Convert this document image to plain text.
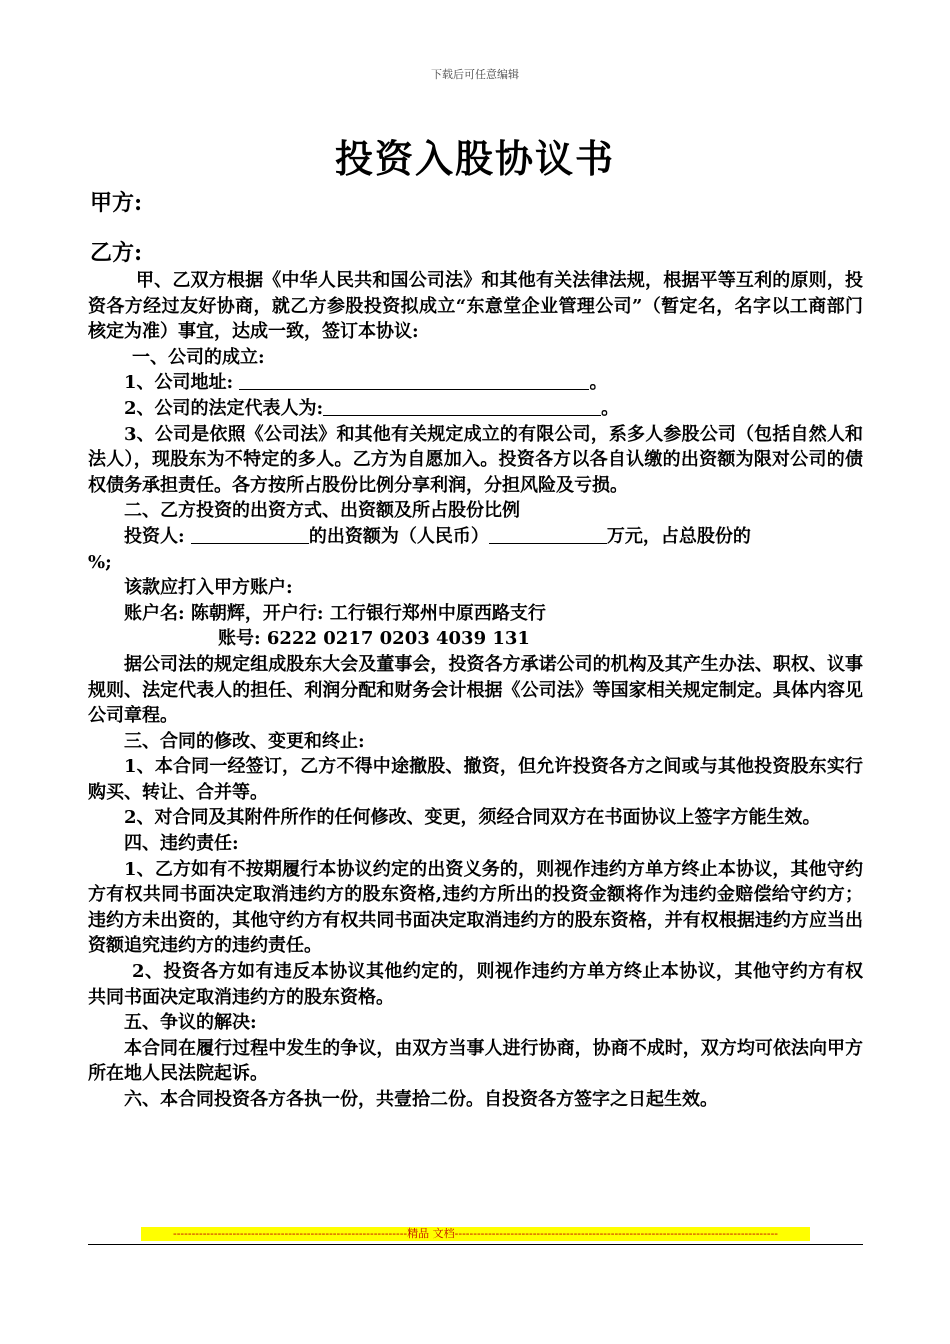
下载后可任意编辑
投资入股协议书
甲方:
乙方:

甲、乙双方根据《中华人民共和国公司法》和其他有关法律法规，根据平等互利的原则，投资各方经过友好协商，就乙方参股投资拟成立“东意堂企业管理公司”（暂定名，名字以工商部门核定为准）事宜，达成一致，签订本协议:

一、公司的成立:

1、公司地址:	。

2、公司的法定代表人为:	。

3、公司是依照《公司法》和其他有关规定成立的有限公司，系多人参股公司（包括自然人和法人），现股东为不特定的多人。乙方为自愿加入。投资各方以各自认缴的出资额为限对公司的债权债务承担责任。各方按所占股份比例分享利润，分担风险及亏损。

二、乙方投资的出资方式、出资额及所占股份比例

投资人:	的出资额为（人民币）	万元，占总股份的

%;

该款应打入甲方账户:

账户名: 陈朝辉，开户行: 工行银行郑州中原西路支行

账号: 6222 0217 0203 4039 131

据公司法的规定组成股东大会及董事会，投资各方承诺公司的机构及其产生办法、职权、议事规则、法定代表人的担任、利润分配和财务会计根据《公司法》等国家相关规定制定。具体内容见公司章程。

三、合同的修改、变更和终止:

1、本合同一经签订，乙方不得中途撤股、撤资，但允许投资各方之间或与其他投资股东实行购买、转让、合并等。

2、对合同及其附件所作的任何修改、变更，须经合同双方在书面协议上签字方能生效。

四、违约责任:

1、乙方如有不按期履行本协议约定的出资义务的，则视作违约方单方终止本协议，其他守约方有权共同书面决定取消违约方的股东资格,违约方所出的投资金额将作为违约金赔偿给守约方；违约方未出资的，其他守约方有权共同书面决定取消违约方的股东资格，并有权根据违约方应当出资额追究违约方的违约责任。

2、投资各方如有违反本协议其他约定的，则视作违约方单方终止本协议，其他守约方有权共同书面决定取消违约方的股东资格。

五、争议的解决:

本合同在履行过程中发生的争议，由双方当事人进行协商，协商不成时，双方均可依法向甲方所在地人民法院起诉。

六、本合同投资各方各执一份，共壹拾二份。自投资各方签字之日起生效。

---------------------------------------------------------------精品 文档---------------------------------------------------------------------------------------
